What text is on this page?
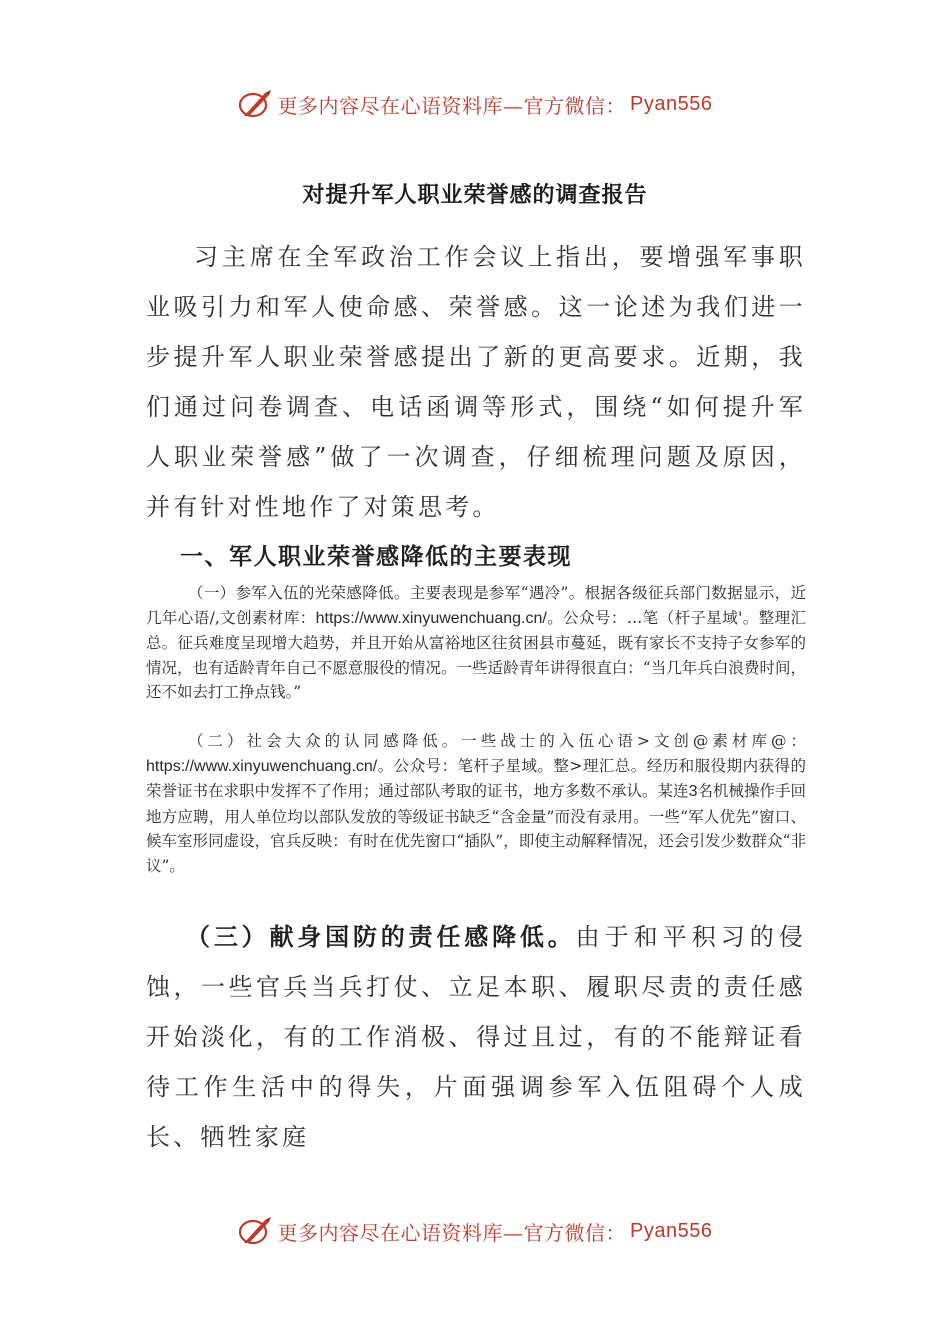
更多内容尽在心语资料库—官方微信： Pyan556
对提升军人职业荣誉感的调查报告

习主席在全军政治工作会议上指出，要增强军事职业吸引力和军人使命感、荣誉感。这一论述为我们进一步提升军人职业荣誉感提出了新的更高要求。近期，我们通过问卷调查、电话函调等形式，围绕“如何提升军人职业荣誉感”做了一次调查，仔细梳理问题及原因，并有针对性地作了对策思考。

一、军人职业荣誉感降低的主要表现

（一）参军入伍的光荣感降低。主要表现是参军“遇冷”。根据各级征兵部门数据显示，近几年心语/,文创素材库：https://www.xinyuwenchuang.cn/。公众号：…笔（杆子星域'。整理汇总。征兵难度呈现增大趋势，并且开始从富裕地区往贫困县市蔓延，既有家长不支持子女参军的情况，也有适龄青年自己不愿意服役的情况。一些适龄青年讲得很直白：“当几年兵白浪费时间，还不如去打工挣点钱。”

（二）社会大众的认同感降低。一些战士的入伍心语>文创@素材库@：https://www.xinyuwenchuang.cn/。公众号：笔杆子星域。整>理汇总。经历和服役期内获得的荣誉证书在求职中发挥不了作用；通过部队考取的证书，地方多数不承认。某连3名机械操作手回地方应聘，用人单位均以部队发放的等级证书缺乏“含金量”而没有录用。一些“军人优先”窗口、候车室形同虚设，官兵反映：有时在优先窗口“插队”，即使主动解释情况，还会引发少数群众“非议”。

（三）献身国防的责任感降低。由于和平积习的侵蚀，一些官兵当兵打仗、立足本职、履职尽责的责任感开始淡化，有的工作消极、得过且过，有的不能辩证看待工作生活中的得失，片面强调参军入伍阻碍个人成长、牺牲家庭

更多内容尽在心语资料库—官方微信： Pyan556
